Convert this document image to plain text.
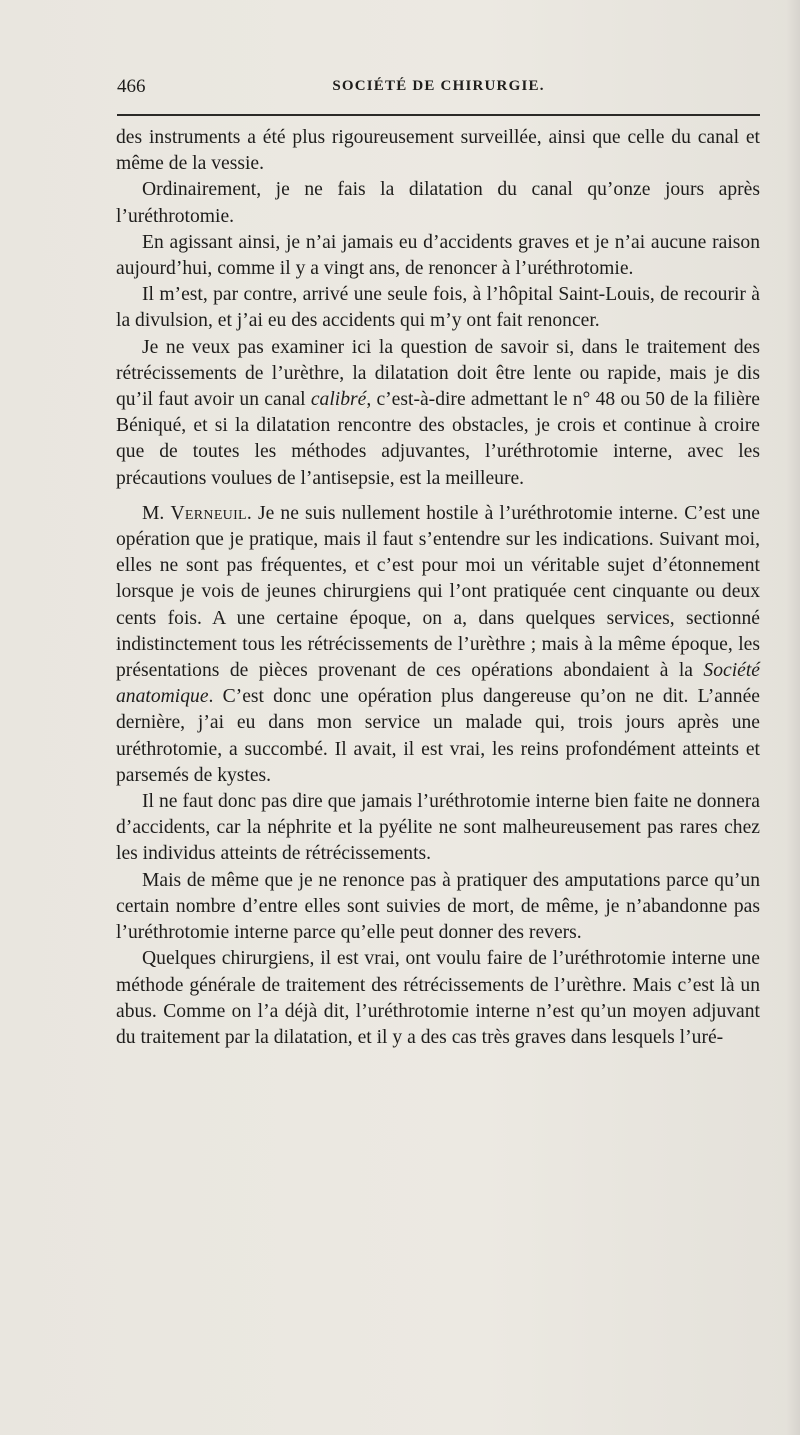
466	SOCIÉTÉ DE CHIRURGIE.

des instruments a été plus rigoureusement surveillée, ainsi que celle du canal et même de la vessie.

Ordinairement, je ne fais la dilatation du canal qu’onze jours après l’uréthrotomie.

En agissant ainsi, je n’ai jamais eu d’accidents graves et je n’ai aucune raison aujourd’hui, comme il y a vingt ans, de renoncer à l’uréthrotomie.

Il m’est, par contre, arrivé une seule fois, à l’hôpital Saint-Louis, de recourir à la divulsion, et j’ai eu des accidents qui m’y ont fait renoncer.

Je ne veux pas examiner ici la question de savoir si, dans le traitement des rétrécissements de l’urèthre, la dilatation doit être lente ou rapide, mais je dis qu’il faut avoir un canal calibré, c’est-à-dire admettant le n° 48 ou 50 de la filière Béniqué, et si la dilatation rencontre des obstacles, je crois et continue à croire que de toutes les méthodes adjuvantes, l’uréthrotomie interne, avec les précautions voulues de l’antisepsie, est la meilleure.

M. Verneuil. Je ne suis nullement hostile à l’uréthrotomie interne. C’est une opération que je pratique, mais il faut s’entendre sur les indications. Suivant moi, elles ne sont pas fréquentes, et c’est pour moi un véritable sujet d’étonnement lorsque je vois de jeunes chirurgiens qui l’ont pratiquée cent cinquante ou deux cents fois. A une certaine époque, on a, dans quelques services, sectionné indistinctement tous les rétrécissements de l’urèthre ; mais à la même époque, les présentations de pièces provenant de ces opérations abondaient à la Société anatomique. C’est donc une opération plus dangereuse qu’on ne dit. L’année dernière, j’ai eu dans mon service un malade qui, trois jours après une uréthrotomie, a succombé. Il avait, il est vrai, les reins profondément atteints et parsemés de kystes.

Il ne faut donc pas dire que jamais l’uréthrotomie interne bien faite ne donnera d’accidents, car la néphrite et la pyélite ne sont malheureusement pas rares chez les individus atteints de rétrécissements.

Mais de même que je ne renonce pas à pratiquer des amputations parce qu’un certain nombre d’entre elles sont suivies de mort, de même, je n’abandonne pas l’uréthrotomie interne parce qu’elle peut donner des revers.

Quelques chirurgiens, il est vrai, ont voulu faire de l’uréthrotomie interne une méthode générale de traitement des rétrécissements de l’urèthre. Mais c’est là un abus. Comme on l’a déjà dit, l’uréthrotomie interne n’est qu’un moyen adjuvant du traitement par la dilatation, et il y a des cas très graves dans lesquels l’uré-
